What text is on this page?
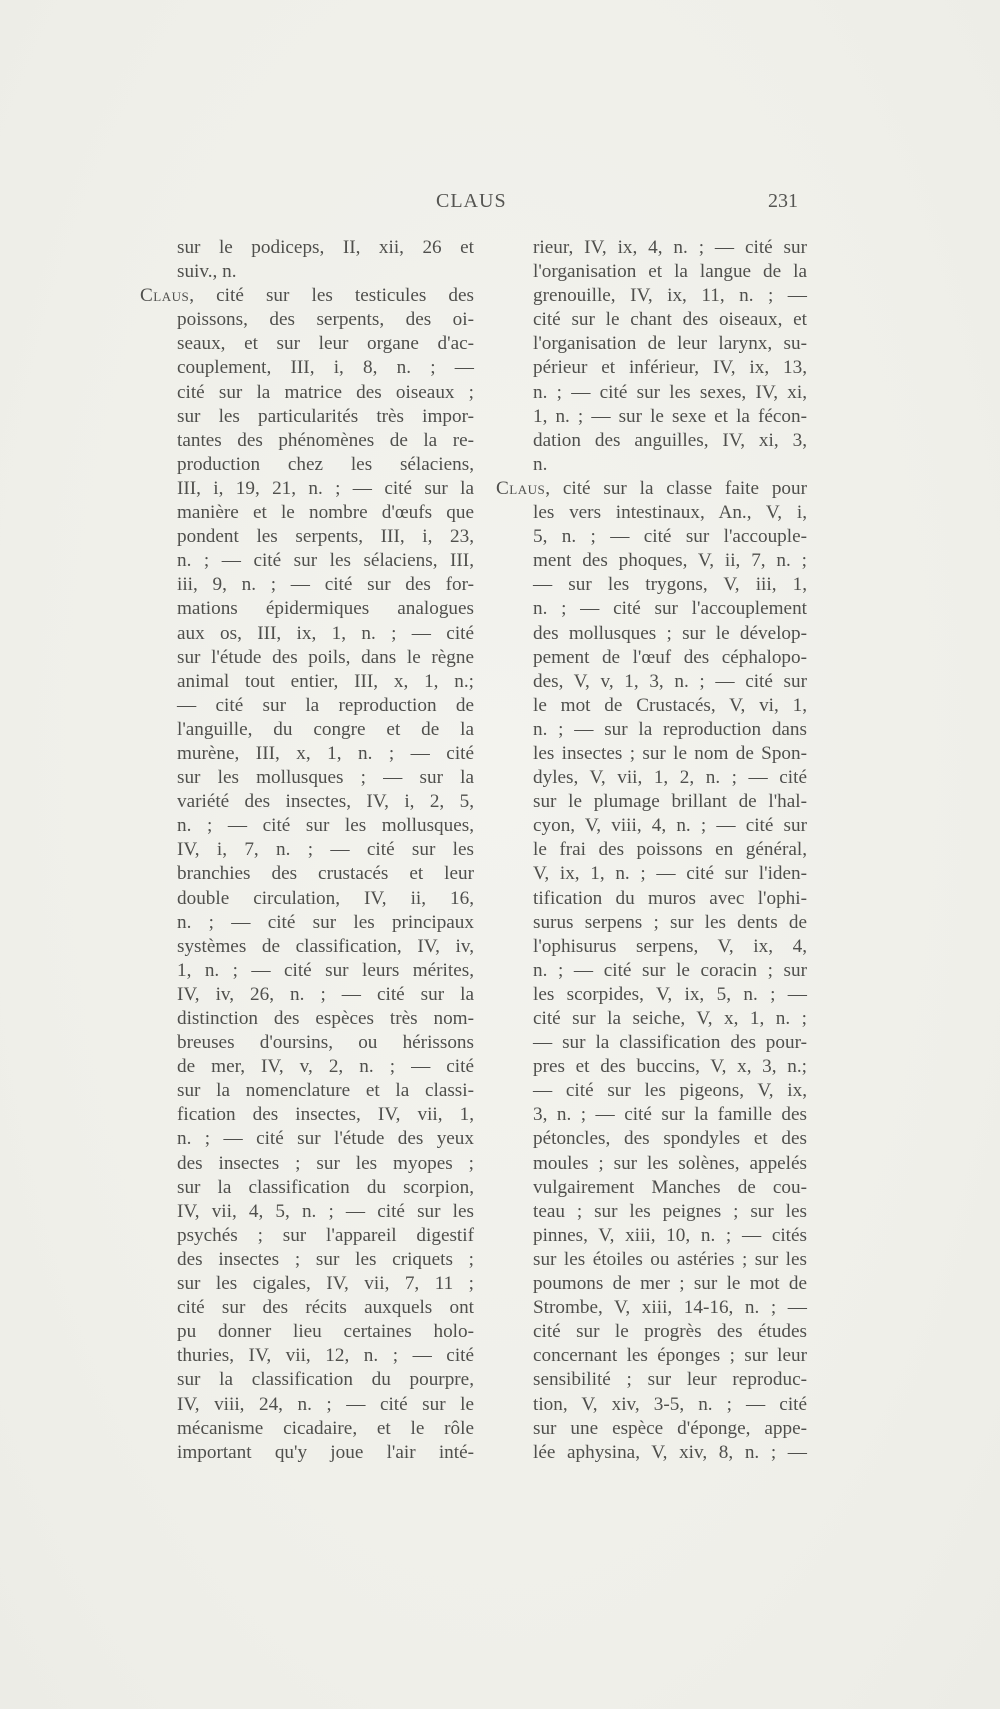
CLAUS	231
sur le podiceps, II, xii, 26 et
suiv., n.
Claus, cité sur les testicules des
poissons, des serpents, des oi-
seaux, et sur leur organe d'ac-
couplement, III, i, 8, n. ; —
cité sur la matrice des oiseaux ;
sur les particularités très impor-
tantes des phénomènes de la re-
production chez les sélaciens,
III, i, 19, 21, n. ; — cité sur la
manière et le nombre d'œufs que
pondent les serpents, III, i, 23,
n. ; — cité sur les sélaciens, III,
iii, 9, n. ; — cité sur des for-
mations épidermiques analogues
aux os, III, ix, 1, n. ; — cité
sur l'étude des poils, dans le règne
animal tout entier, III, x, 1, n.;
— cité sur la reproduction de
l'anguille, du congre et de la
murène, III, x, 1, n. ; — cité
sur les mollusques ; — sur la
variété des insectes, IV, i, 2, 5,
n. ; — cité sur les mollusques,
IV, i, 7, n. ; — cité sur les
branchies des crustacés et leur
double circulation, IV, ii, 16,
n. ; — cité sur les principaux
systèmes de classification, IV, iv,
1, n. ; — cité sur leurs mérites,
IV, iv, 26, n. ; — cité sur la
distinction des espèces très nom-
breuses d'oursins, ou hérissons
de mer, IV, v, 2, n. ; — cité
sur la nomenclature et la classi-
fication des insectes, IV, vii, 1,
n. ; — cité sur l'étude des yeux
des insectes ; sur les myopes ;
sur la classification du scorpion,
IV, vii, 4, 5, n. ; — cité sur les
psychés ; sur l'appareil digestif
des insectes ; sur les criquets ;
sur les cigales, IV, vii, 7, 11 ;
cité sur des récits auxquels ont
pu donner lieu certaines holo-
thuries, IV, vii, 12, n. ; — cité
sur la classification du pourpre,
IV, viii, 24, n. ; — cité sur le
mécanisme cicadaire, et le rôle
important qu'y joue l'air inté-
rieur, IV, ix, 4, n. ; — cité sur
l'organisation et la langue de la
grenouille, IV, ix, 11, n. ; —
cité sur le chant des oiseaux, et
l'organisation de leur larynx, su-
périeur et inférieur, IV, ix, 13,
n. ; — cité sur les sexes, IV, xi,
1, n. ; — sur le sexe et la fécon-
dation des anguilles, IV, xi, 3,
n.
Claus, cité sur la classe faite pour
les vers intestinaux, An., V, i,
5, n. ; — cité sur l'accouple-
ment des phoques, V, ii, 7, n. ;
— sur les trygons, V, iii, 1,
n. ; — cité sur l'accouplement
des mollusques ; sur le dévelop-
pement de l'œuf des céphalopo-
des, V, v, 1, 3, n. ; — cité sur
le mot de Crustacés, V, vi, 1,
n. ; — sur la reproduction dans
les insectes ; sur le nom de Spon-
dyles, V, vii, 1, 2, n. ; — cité
sur le plumage brillant de l'hal-
cyon, V, viii, 4, n. ; — cité sur
le frai des poissons en général,
V, ix, 1, n. ; — cité sur l'iden-
tification du muros avec l'ophi-
surus serpens ; sur les dents de
l'ophisurus serpens, V, ix, 4,
n. ; — cité sur le coracin ; sur
les scorpides, V, ix, 5, n. ; —
cité sur la seiche, V, x, 1, n. ;
— sur la classification des pour-
pres et des buccins, V, x, 3, n.;
— cité sur les pigeons, V, ix,
3, n. ; — cité sur la famille des
pétoncles, des spondyles et des
moules ; sur les solènes, appelés
vulgairement Manches de cou-
teau ; sur les peignes ; sur les
pinnes, V, xiii, 10, n. ; — cités
sur les étoiles ou astéries ; sur les
poumons de mer ; sur le mot de
Strombe, V, xiii, 14-16, n. ; —
cité sur le progrès des études
concernant les éponges ; sur leur
sensibilité ; sur leur reproduc-
tion, V, xiv, 3-5, n. ; — cité
sur une espèce d'éponge, appe-
lée aphysina, V, xiv, 8, n. ; —
